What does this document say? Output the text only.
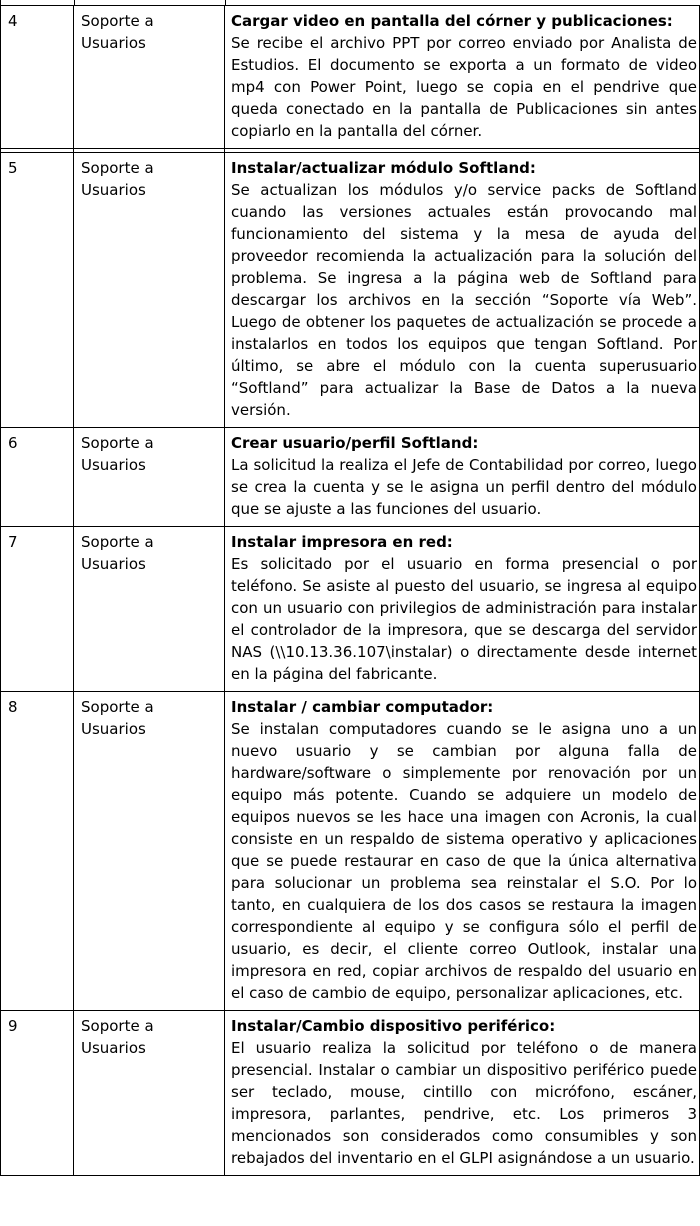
4	Soporte a Usuarios	Cargar video en pantalla del córner y publicaciones:
Se recibe el archivo PPT por correo enviado por Analista de Estudios. El documento se exporta a un formato de video mp4 con Power Point, luego se copia en el pendrive que queda conectado en la pantalla de Publicaciones sin antes copiarlo en la pantalla del córner.

5	Soporte a Usuarios	Instalar/actualizar módulo Softland:
Se actualizan los módulos y/o service packs de Softland cuando las versiones actuales están provocando mal funcionamiento del sistema y la mesa de ayuda del proveedor recomienda la actualización para la solución del problema. Se ingresa a la página web de Softland para descargar los archivos en la sección “Soporte vía Web”. Luego de obtener los paquetes de actualización se procede a instalarlos en todos los equipos que tengan Softland. Por último, se abre el módulo con la cuenta superusuario “Softland” para actualizar la Base de Datos a la nueva versión.

6	Soporte a Usuarios	Crear usuario/perfil Softland:
La solicitud la realiza el Jefe de Contabilidad por correo, luego se crea la cuenta y se le asigna un perfil dentro del módulo que se ajuste a las funciones del usuario.

7	Soporte a Usuarios	Instalar impresora en red:
Es solicitado por el usuario en forma presencial o por teléfono. Se asiste al puesto del usuario, se ingresa al equipo con un usuario con privilegios de administración para instalar el controlador de la impresora, que se descarga del servidor NAS (\\10.13.36.107\instalar) o directamente desde internet en la página del fabricante.

8	Soporte a Usuarios	Instalar / cambiar computador:
Se instalan computadores cuando se le asigna uno a un nuevo usuario y se cambian por alguna falla de hardware/software o simplemente por renovación por un equipo más potente. Cuando se adquiere un modelo de equipos nuevos se les hace una imagen con Acronis, la cual consiste en un respaldo de sistema operativo y aplicaciones que se puede restaurar en caso de que la única alternativa para solucionar un problema sea reinstalar el S.O. Por lo tanto, en cualquiera de los dos casos se restaura la imagen correspondiente al equipo y se configura sólo el perfil de usuario, es decir, el cliente correo Outlook, instalar una impresora en red, copiar archivos de respaldo del usuario en el caso de cambio de equipo, personalizar aplicaciones, etc.

9	Soporte a Usuarios	Instalar/Cambio dispositivo periférico:
El usuario realiza la solicitud por teléfono o de manera presencial. Instalar o cambiar un dispositivo periférico puede ser teclado, mouse, cintillo con micrófono, escáner, impresora, parlantes, pendrive, etc. Los primeros 3 mencionados son considerados como consumibles y son rebajados del inventario en el GLPI asignándose a un usuario.
